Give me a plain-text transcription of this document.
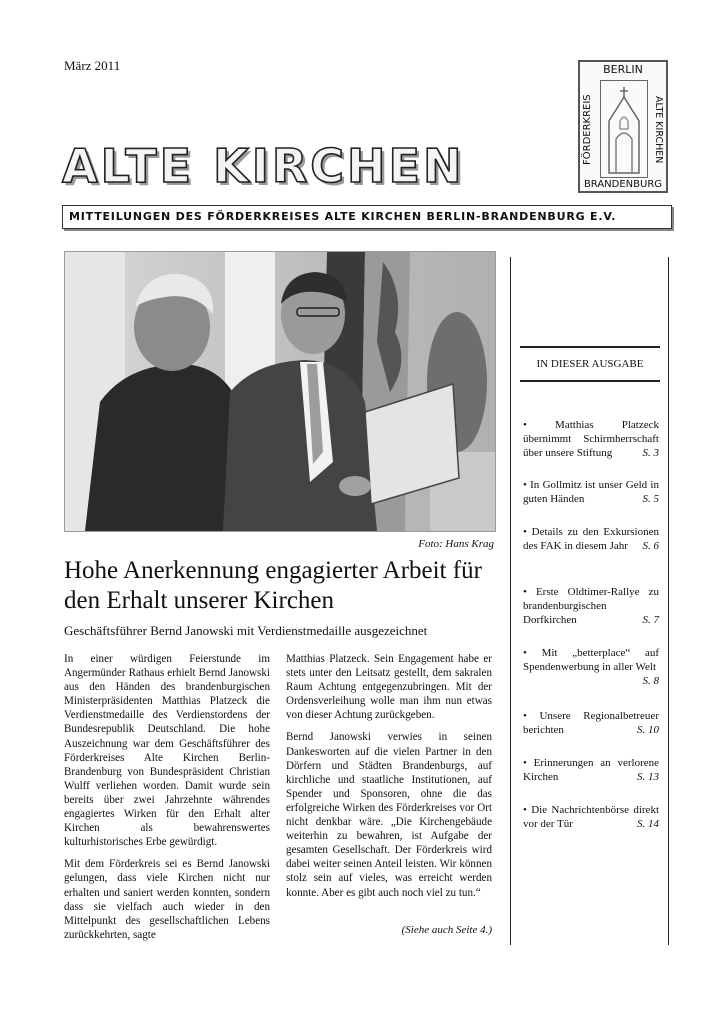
März 2011
ALTE KIRCHEN
MITTEILUNGEN DES FÖRDERKREISES ALTE KIRCHEN BERLIN-BRANDENBURG E.V.
BERLIN
FÖRDERKREIS	ALTE KIRCHEN
BRANDENBURG
Foto: Hans Krag
Hohe Anerkennung engagierter Arbeit für den Erhalt unserer Kirchen
Geschäftsführer Bernd Janowski mit Verdienstmedaille ausgezeichnet

In einer würdigen Feierstunde im Angermünder Rathaus erhielt Bernd Janowski aus den Händen des brandenburgischen Ministerpräsidenten Matthias Platzeck die Verdienstmedaille des Verdienstordens der Bundesrepublik Deutschland. Die hohe Auszeichnung war dem Geschäftsführer des Förderkreises Alte Kirchen Berlin-Brandenburg von Bundespräsident Christian Wulff verliehen worden. Damit wurde sein bereits über zwei Jahrzehnte währendes engagiertes Wirken für den Erhalt alter Kirchen als bewahrenswertes kulturhistorisches Erbe gewürdigt.

Mit dem Förderkreis sei es Bernd Janowski gelungen, dass viele Kirchen nicht nur erhalten und saniert werden konnten, sondern dass sie vielfach auch wieder in den Mittelpunkt des gesellschaftlichen Lebens zurückkehrten, sagte

Matthias Platzeck. Sein Engagement habe er stets unter den Leitsatz gestellt, dem sakralen Raum Achtung entgegenzubringen. Mit der Ordensverleihung wolle man ihm nun etwas von dieser Achtung zurückgeben.

Bernd Janowski verwies in seinen Dankesworten auf die vielen Partner in den Dörfern und Städten Brandenburgs, auf kirchliche und staatliche Institutionen, auf Spender und Sponsoren, ohne die das erfolgreiche Wirken des Förderkreises vor Ort nicht denkbar wäre. „Die Kirchengebäude weiterhin zu bewahren, ist Aufgabe der gesamten Gesellschaft. Der Förderkreis wird dabei weiter seinen Anteil leisten. Wir können stolz sein auf vieles, was erreicht werden konnte. Aber es gibt auch noch viel zu tun.“

(Siehe auch Seite 4.)
IN DIESER AUSGABE
• Matthias Platzeck übernimmt Schirmherrschaft über unsere Stiftung	S. 3
• In Gollmitz ist unser Geld in guten Händen	S. 5
• Details zu den Exkursionen des FAK in diesem Jahr S. 6
• Erste Oldtimer-Rallye zu brandenburgischen Dorfkirchen	S. 7
• Mit „betterplace“ auf Spendenwerbung in aller Welt
S. 8
• Unsere Regionalbetreuer berichten	S. 10
• Erinnerungen an verlorene Kirchen	S. 13
• Die Nachrichtenbörse direkt vor der Tür	S. 14
